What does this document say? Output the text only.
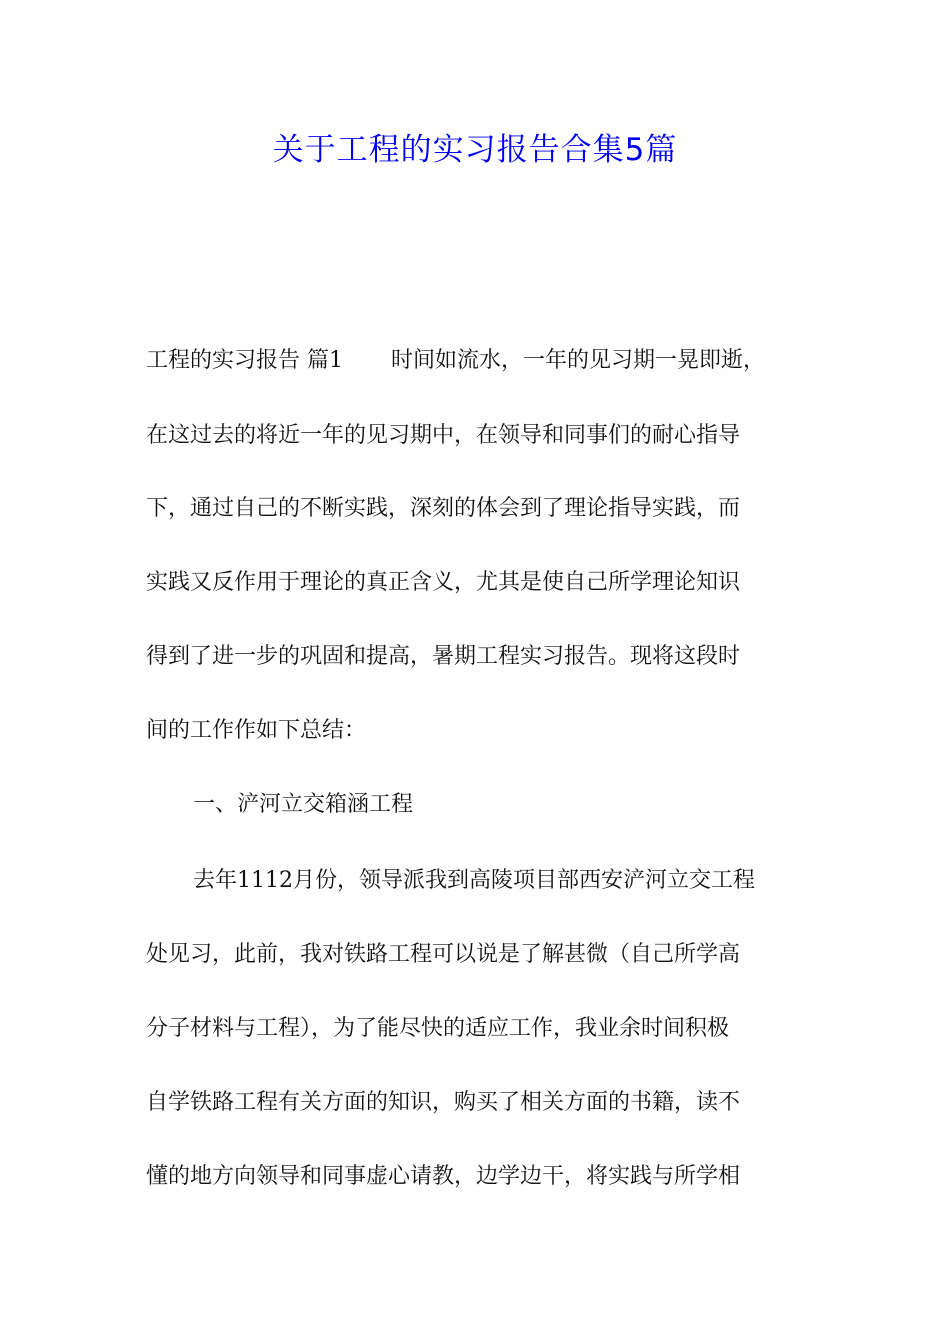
关于工程的实习报告合集5篇
工程的实习报告 篇1 时间如流水，一年的见习期一晃即逝，
在这过去的将近一年的见习期中，在领导和同事们的耐心指导
下，通过自己的不断实践，深刻的体会到了理论指导实践，而
实践又反作用于理论的真正含义，尤其是使自己所学理论知识
得到了进一步的巩固和提高，暑期工程实习报告。现将这段时
间的工作作如下总结：
一、浐河立交箱涵工程
去年1112月份，领导派我到高陵项目部西安浐河立交工程
处见习，此前，我对铁路工程可以说是了解甚微（自己所学高
分子材料与工程），为了能尽快的适应工作，我业余时间积极
自学铁路工程有关方面的知识，购买了相关方面的书籍，读不
懂的地方向领导和同事虚心请教，边学边干，将实践与所学相
